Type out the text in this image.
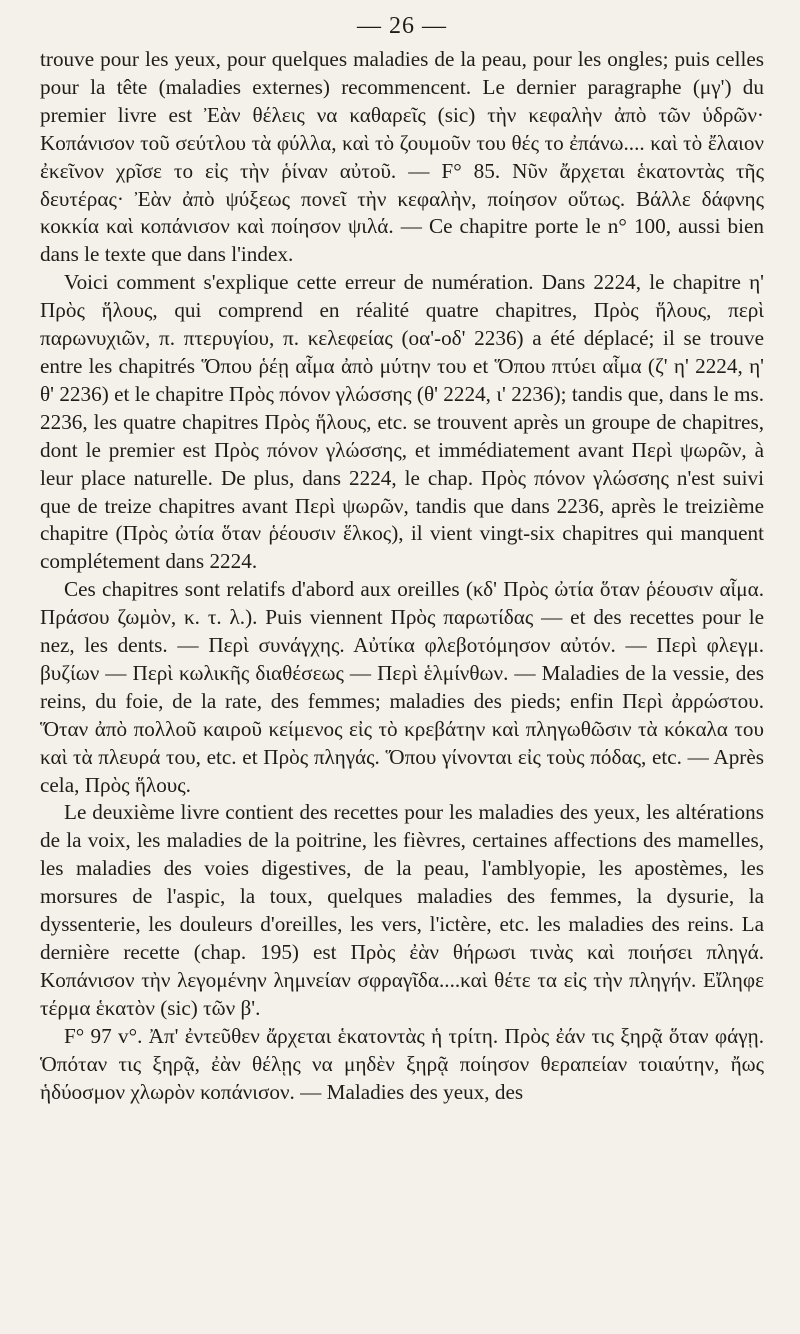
— 26 —

trouve pour les yeux, pour quelques maladies de la peau, pour les ongles; puis celles pour la tête (maladies externes) recommencent. Le dernier paragraphe (μγ') du premier livre est Ἐὰν θέλεις να καθαρεῖς (sic) τὴν κεφαλὴν ἀπὸ τῶν ὑδρῶν· Κοπάνισον τοῦ σεύτλου τὰ φύλλα, καὶ τὸ ζουμοῦν του θές το ἐπάνω.... καὶ τὸ ἔλαιον ἐκεῖνον χρῖσε το εἰς τὴν ῥίναν αὐτοῦ. — F° 85. Νῦν ἄρχεται ἑκατοντὰς τῆς δευτέρας· Ἐὰν ἀπὸ ψύξεως πονεῖ τὴν κεφαλὴν, ποίησον οὕτως. Βάλλε δάφνης κοκκία καὶ κοπάνισον καὶ ποίησον ψιλά. — Ce chapitre porte le n° 100, aussi bien dans le texte que dans l'index.

Voici comment s'explique cette erreur de numération. Dans 2224, le chapitre η' Πρὸς ἥλους, qui comprend en réalité quatre chapitres, Πρὸς ἥλους, περὶ παρωνυχιῶν, π. πτερυγίου, π. κελεφείας (οα'-οδ' 2236) a été déplacé; il se trouve entre les chapitrés Ὅπου ῥέῃ αἷμα ἀπὸ μύτην του et Ὅπου πτύει αἷμα (ζ' η' 2224, η' θ' 2236) et le chapitre Πρὸς πόνον γλώσσης (θ' 2224, ι' 2236); tandis que, dans le ms. 2236, les quatre chapitres Πρὸς ἥλους, etc. se trouvent après un groupe de chapitres, dont le premier est Πρὸς πόνον γλώσσης, et immédiatement avant Περὶ ψωρῶν, à leur place naturelle. De plus, dans 2224, le chap. Πρὸς πόνον γλώσσης n'est suivi que de treize chapitres avant Περὶ ψωρῶν, tandis que dans 2236, après le treizième chapitre (Πρὸς ὠτία ὅταν ῥέουσιν ἕλκος), il vient vingt-six chapitres qui manquent complétement dans 2224.

Ces chapitres sont relatifs d'abord aux oreilles (κδ' Πρὸς ὠτία ὅταν ῥέουσιν αἷμα. Πράσου ζωμὸν, κ. τ. λ.). Puis viennent Πρὸς παρωτίδας — et des recettes pour le nez, les dents. — Περὶ συνάγχης. Αὐτίκα φλεβοτόμησον αὐτόν. — Περὶ φλεγμ. βυζίων — Περὶ κωλικῆς διαθέσεως — Περὶ ἑλμίνθων. — Maladies de la vessie, des reins, du foie, de la rate, des femmes; maladies des pieds; enfin Περὶ ἀρρώστου. Ὅταν ἀπὸ πολλοῦ καιροῦ κείμενος εἰς τὸ κρεβάτην καὶ πληγωθῶσιν τὰ κόκαλα του καὶ τὰ πλευρά του, etc. et Πρὸς πληγάς. Ὅπου γίνονται εἰς τοὺς πόδας, etc. — Après cela, Πρὸς ἥλους.

Le deuxième livre contient des recettes pour les maladies des yeux, les altérations de la voix, les maladies de la poitrine, les fièvres, certaines affections des mamelles, les maladies des voies digestives, de la peau, l'amblyopie, les apostèmes, les morsures de l'aspic, la toux, quelques maladies des femmes, la dysurie, la dyssenterie, les douleurs d'oreilles, les vers, l'ictère, etc. les maladies des reins. La dernière recette (chap. 195) est Πρὸς ἐὰν θήρωσι τινὰς καὶ ποιήσει πληγά. Κοπάνισον τὴν λεγομένην λημνείαν σφραγῖδα....καὶ θέτε τα εἰς τὴν πληγήν. Εἴληφε τέρμα ἑκατὸν (sic) τῶν β'.

F° 97 v°. Ἀπ' ἐντεῦθεν ἄρχεται ἑκατοντὰς ἡ τρίτη. Πρὸς ἐάν τις ξηρᾷ ὅταν φάγῃ. Ὁπόταν τις ξηρᾷ, ἐὰν θέλῃς να μηδὲν ξηρᾷ ποίησον θεραπείαν τοιαύτην, ἤως ἡδύοσμον χλωρὸν κοπάνισον. — Maladies des yeux, des
